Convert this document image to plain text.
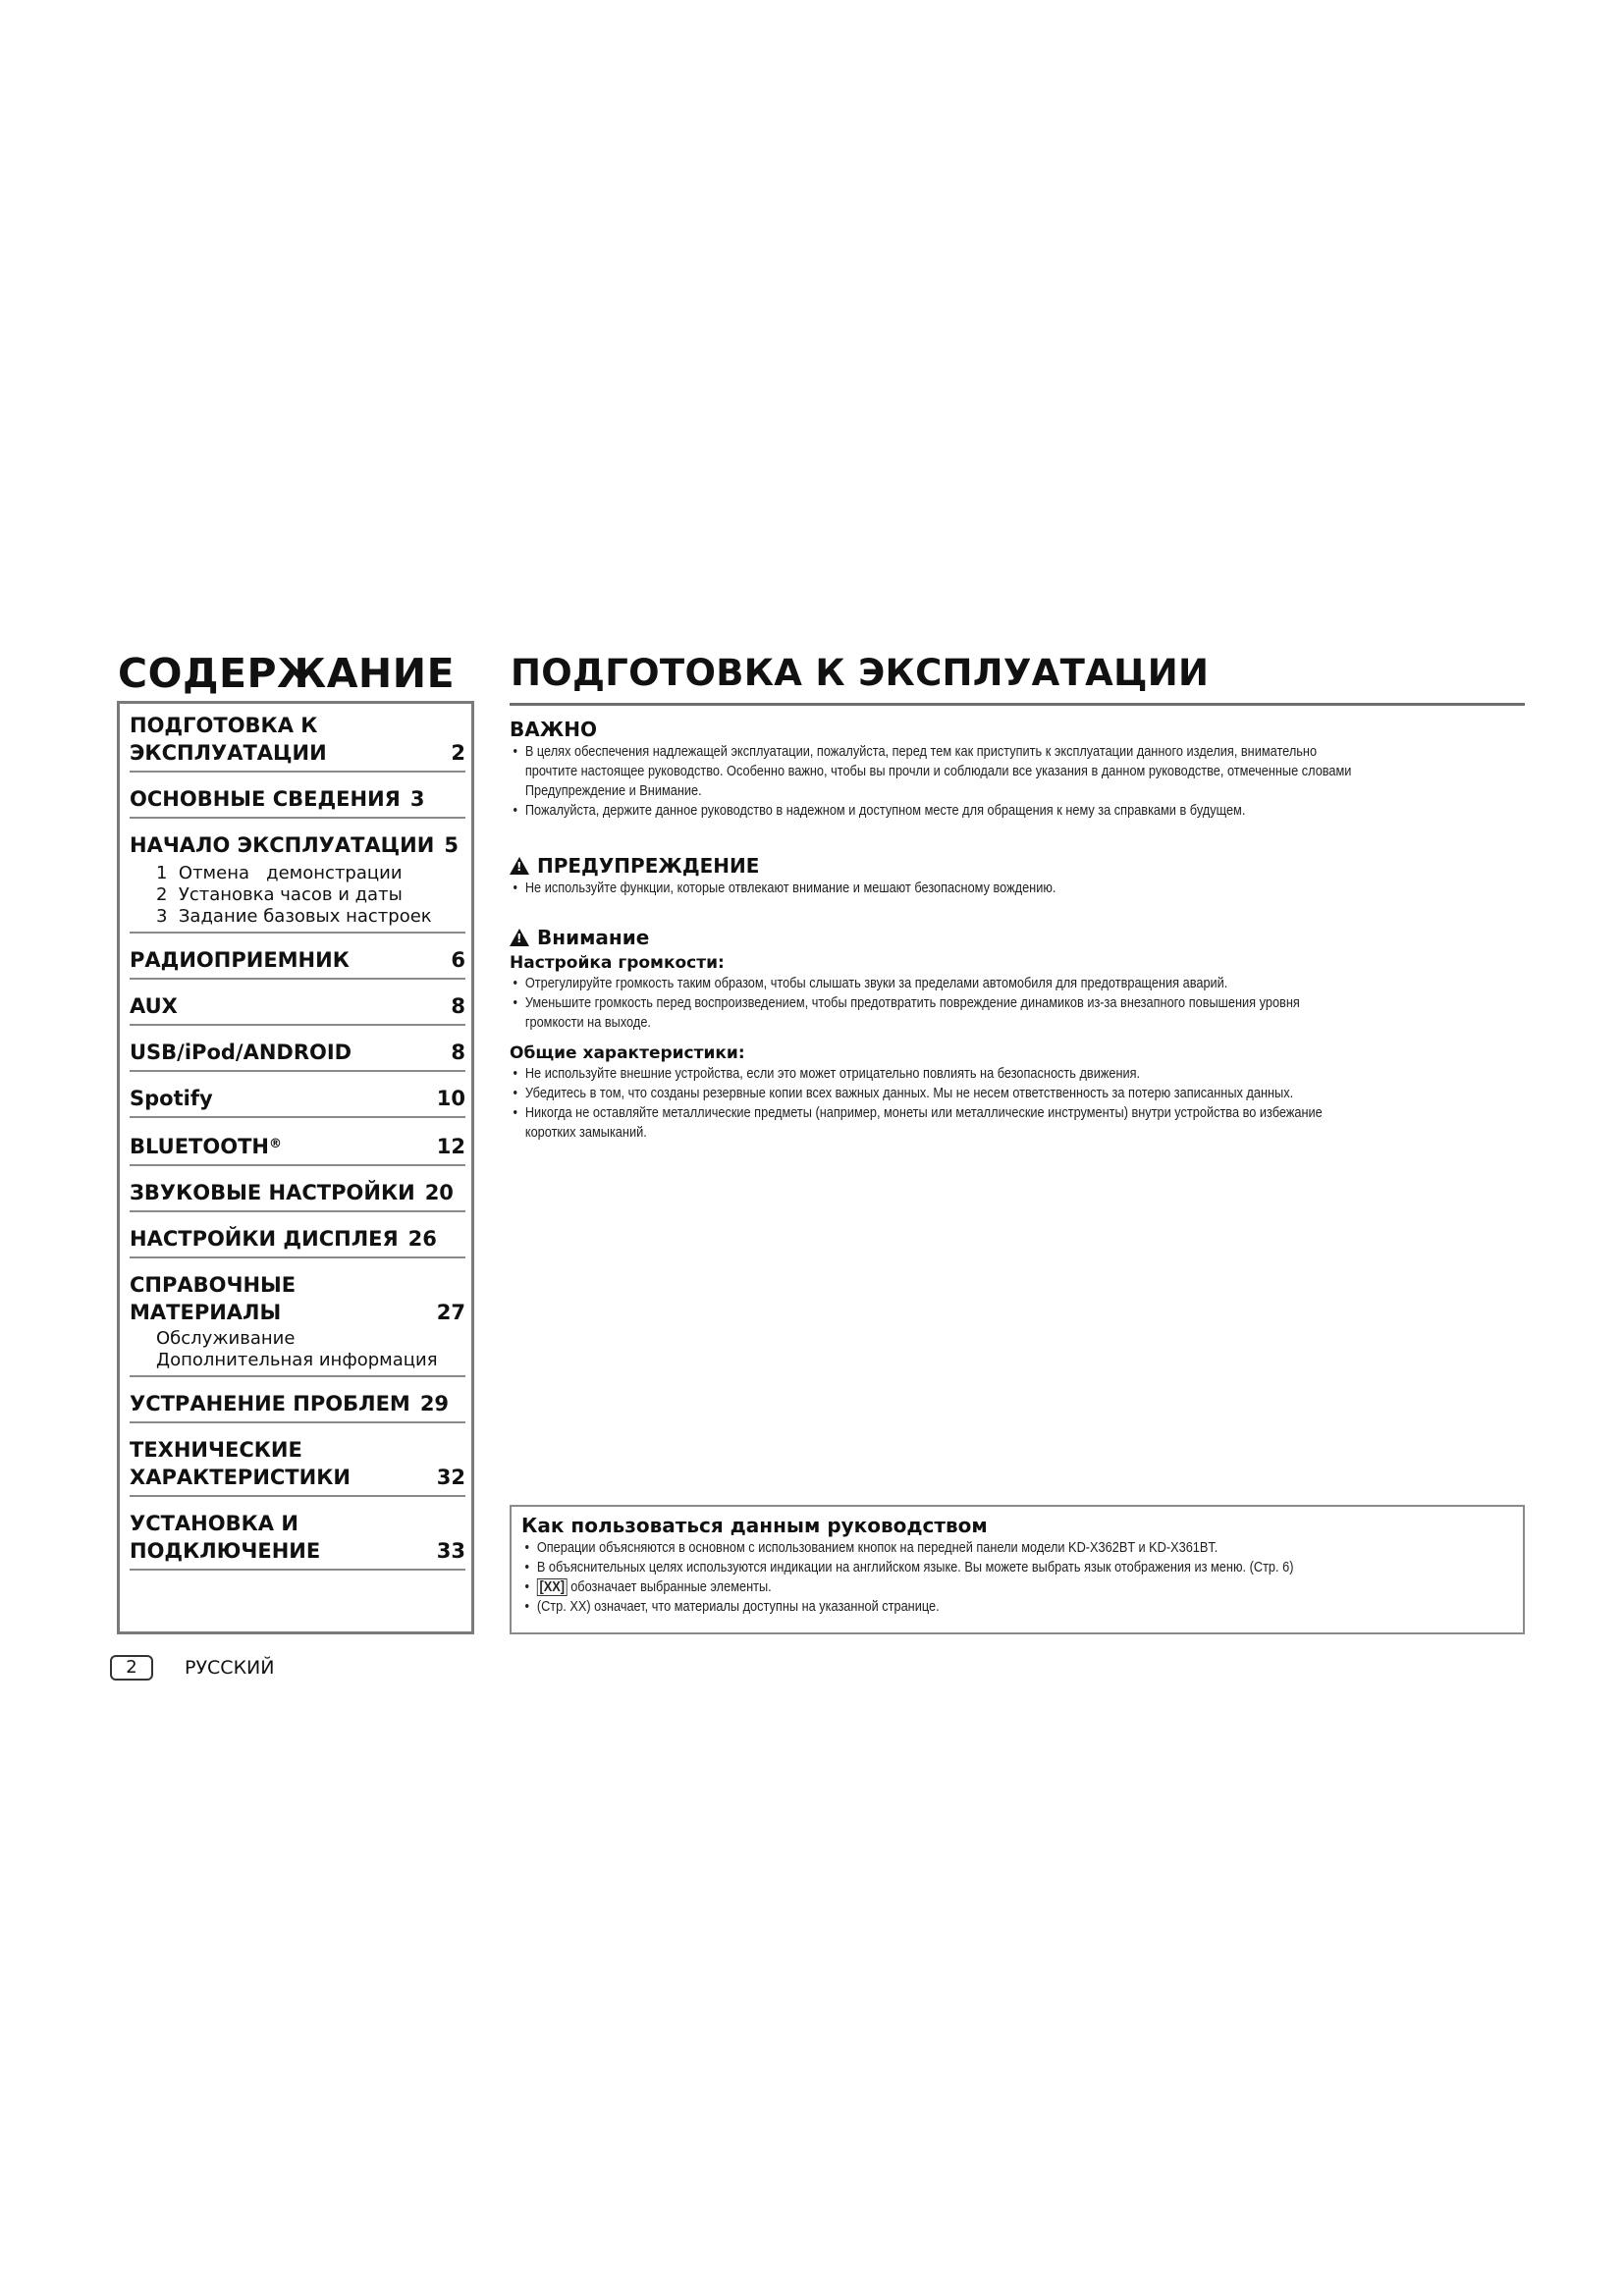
СОДЕРЖАНИЕ
ПОДГОТОВКА К
ЭКСПЛУАТАЦИИ	2
ОСНОВНЫЕ СВЕДЕНИЯ 3
НАЧАЛО ЭКСПЛУАТАЦИИ 5
1  Отмена   демонстрации
2  Установка часов и даты
3  Задание базовых настроек
РАДИОПРИЕМНИК	6
AUX	8
USB/iPod/ANDROID	8
Spotify	10
BLUETOOTH®	12
ЗВУКОВЫЕ НАСТРОЙКИ 20
НАСТРОЙКИ ДИСПЛЕЯ 26
СПРАВОЧНЫЕ МАТЕРИАЛЫ	27
Обслуживание
Дополнительная информация
УСТРАНЕНИЕ ПРОБЛЕМ 29
ТЕХНИЧЕСКИЕ
ХАРАКТЕРИСТИКИ	32
УСТАНОВКА И
ПОДКЛЮЧЕНИЕ	33
ПОДГОТОВКА К ЭКСПЛУАТАЦИИ
ВАЖНО
• В целях обеспечения надлежащей эксплуатации, пожалуйста, перед тем как приступить к эксплуатации данного изделия, внимательно
прочтите настоящее руководство. Особенно важно, чтобы вы прочли и соблюдали все указания в данном руководстве, отмеченные словами
Предупреждение и Внимание.
• Пожалуйста, держите данное руководство в надежном и доступном месте для обращения к нему за справками в будущем.
!ПРЕДУПРЕЖДЕНИЕ
• Не используйте функции, которые отвлекают внимание и мешают безопасному вождению.
!Внимание
Настройка громкости:
• Отрегулируйте громкость таким образом, чтобы слышать звуки за пределами автомобиля для предотвращения аварий.
• Уменьшите громкость перед воспроизведением, чтобы предотвратить повреждение динамиков из-за внезапного повышения уровня
громкости на выходе.
Общие характеристики:
• Не используйте внешние устройства, если это может отрицательно повлиять на безопасность движения.
• Убедитесь в том, что созданы резервные копии всех важных данных. Мы не несем ответственность за потерю записанных данных.
• Никогда не оставляйте металлические предметы (например, монеты или металлические инструменты) внутри устройства во избежание
коротких замыканий.
Как пользоваться данным руководством
• Операции объясняются в основном с использованием кнопок на передней панели модели KD-X362BT и KD-X361BT.
• В объяснительных целях используются индикации на английском языке. Вы можете выбрать язык отображения из меню. (Стр. 6)
• [XX] обозначает выбранные элементы.
• (Стр. XX) означает, что материалы доступны на указанной странице.
2	РУССКИЙ
